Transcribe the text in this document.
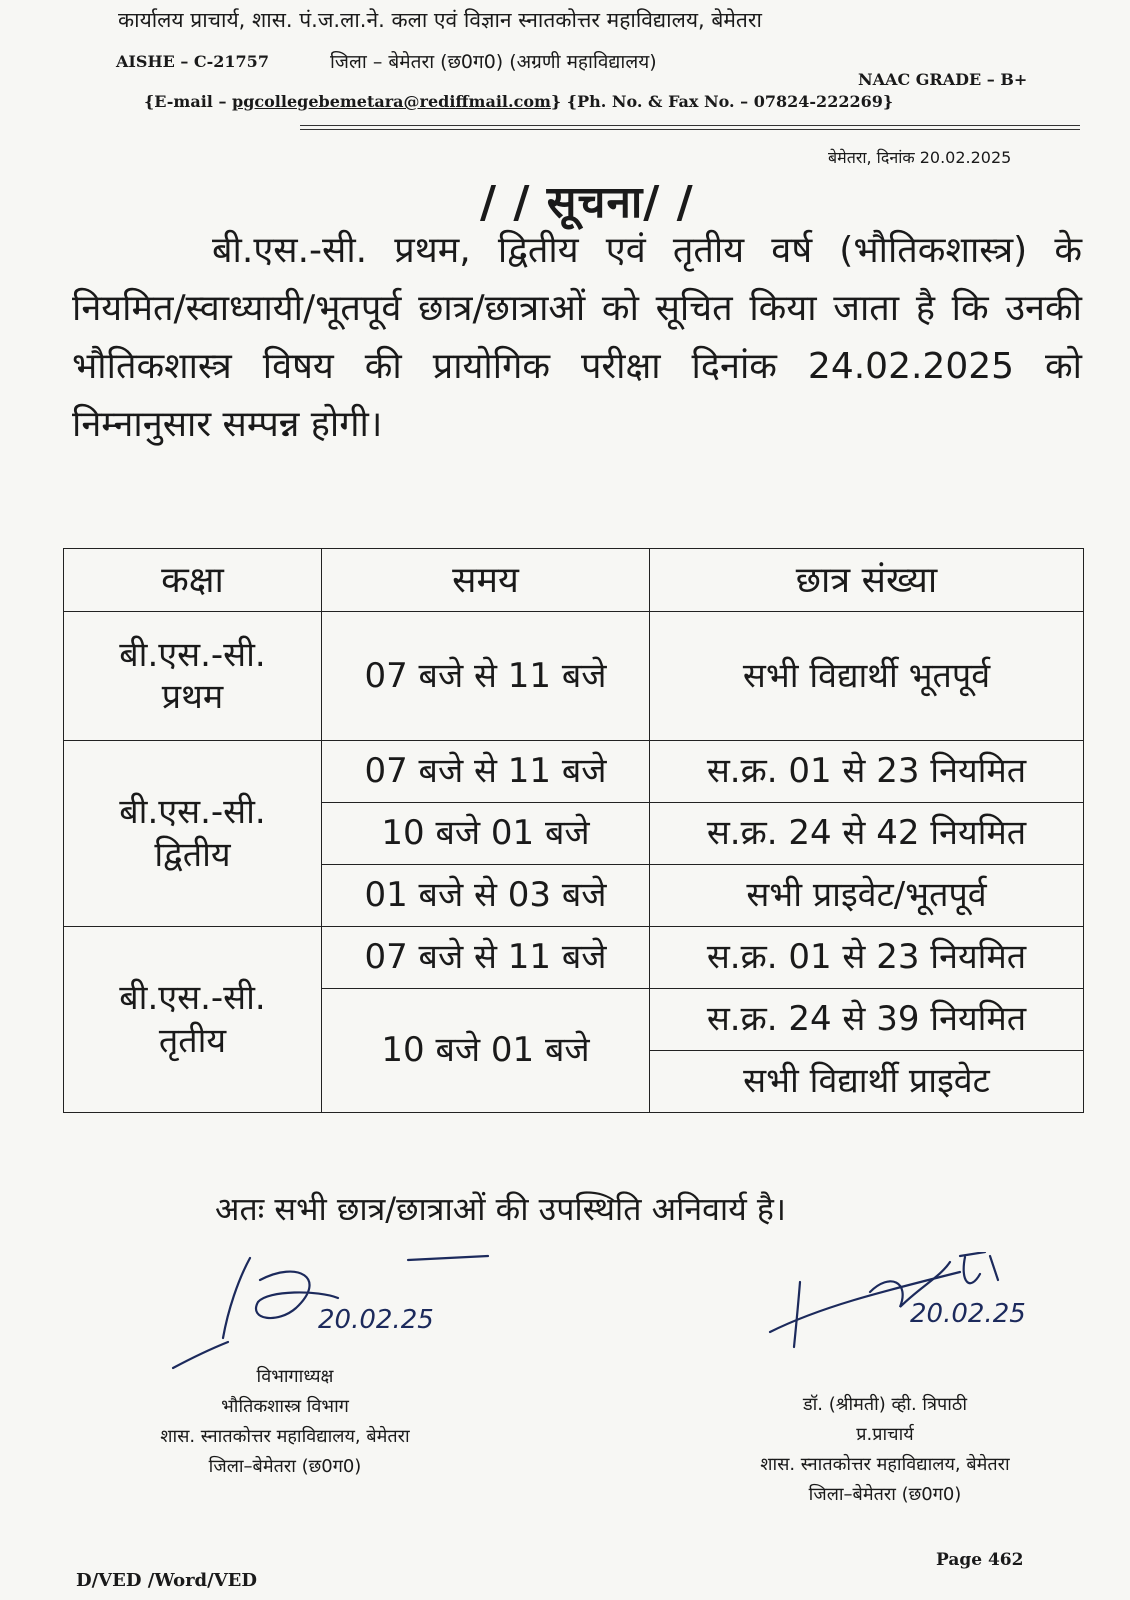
कार्यालय प्राचार्य, शास. पं.ज.ला.ने. कला एवं विज्ञान स्नातकोत्तर महाविद्यालय, बेमेतरा
AISHE – C-21757	जिला – बेमेतरा (छ0ग0) (अग्रणी महाविद्यालय)
NAAC GRADE – B+
{E-mail – pgcollegebemetara@rediffmail.com} {Ph. No. & Fax No. – 07824-222269}
बेमेतरा, दिनांक 20.02.2025
/ / सूचना/ /
बी.एस.-सी. प्रथम, द्वितीय एवं तृतीय वर्ष (भौतिकशास्त्र) के नियमित/स्वाध्यायी/भूतपूर्व छात्र/छात्राओं को सूचित किया जाता है कि उनकी भौतिकशास्त्र विषय की प्रायोगिक परीक्षा दिनांक 24.02.2025 को निम्नानुसार सम्पन्न होगी।
कक्षा	समय	छात्र संख्या

बी.एस.-सी.
प्रथम	07 बजे से 11 बजे	सभी विद्यार्थी भूतपूर्व

बी.एस.-सी.
द्वितीय	07 बजे से 11 बजे	स.क्र. 01 से 23 नियमित
	10 बजे 01 बजे	स.क्र. 24 से 42 नियमित
	01 बजे से 03 बजे	सभी प्राइवेट/भूतपूर्व

बी.एस.-सी.
तृतीय	07 बजे से 11 बजे	स.क्र. 01 से 23 नियमित
	10 बजे 01 बजे	स.क्र. 24 से 39 नियमित
		सभी विद्यार्थी प्राइवेट
अतः सभी छात्र/छात्राओं की उपस्थिति अनिवार्य है।
20.02.25	20.02.25
विभागाध्यक्ष
भौतिकशास्त्र विभाग
शास. स्नातकोत्तर महाविद्यालय, बेमेतरा
जिला–बेमेतरा (छ0ग0)
डॉ. (श्रीमती) व्ही. त्रिपाठी
प्र.प्राचार्य
शास. स्नातकोत्तर महाविद्यालय, बेमेतरा
जिला–बेमेतरा (छ0ग0)
Page 462
D/VED /Word/VED
